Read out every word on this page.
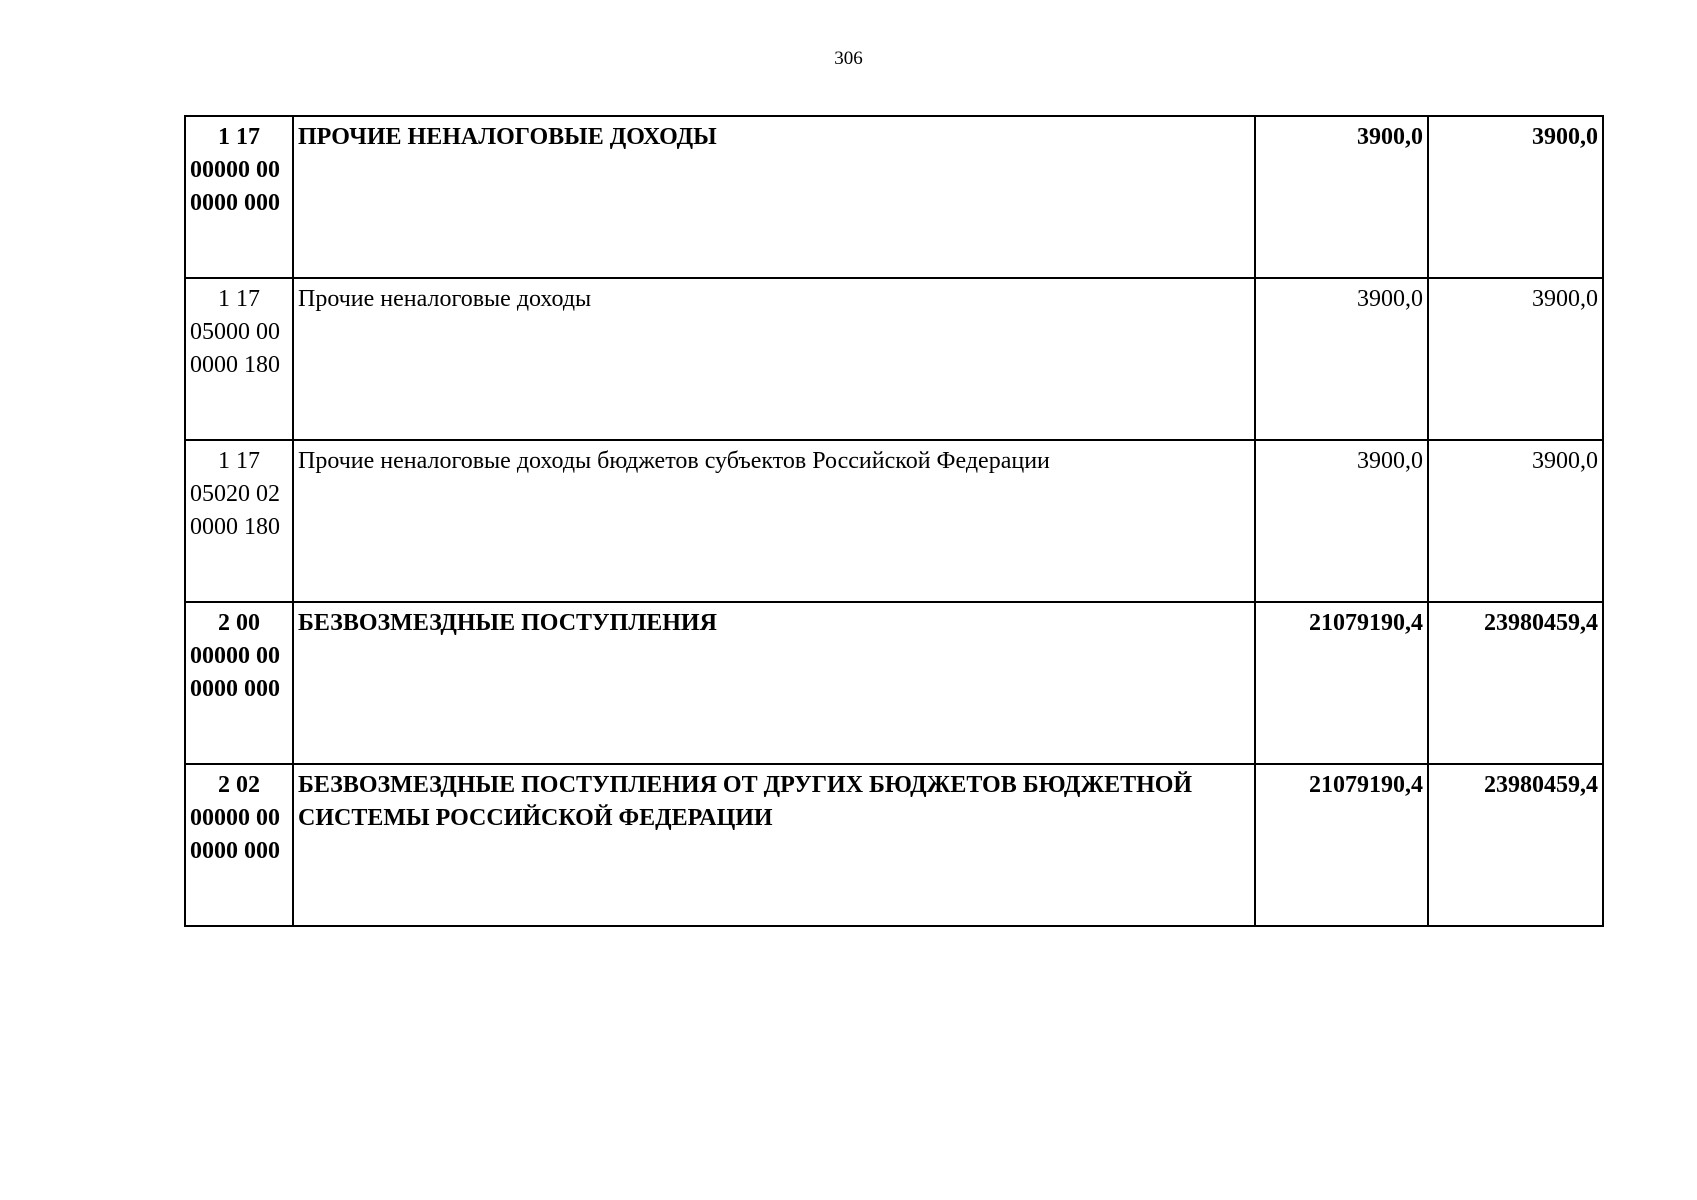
306
1 17
00000 00
0000 000	ПРОЧИЕ НЕНАЛОГОВЫЕ ДОХОДЫ	3900,0	3900,0

1 17
05000 00
0000 180	Прочие неналоговые доходы	3900,0	3900,0

1 17
05020 02
0000 180	Прочие неналоговые доходы бюджетов субъектов Российской Федерации	3900,0	3900,0

2 00
00000 00
0000 000	БЕЗВОЗМЕЗДНЫЕ ПОСТУПЛЕНИЯ	21079190,4	23980459,4

2 02
00000 00
0000 000	БЕЗВОЗМЕЗДНЫЕ ПОСТУПЛЕНИЯ ОТ ДРУГИХ БЮДЖЕТОВ БЮДЖЕТНОЙ СИСТЕМЫ РОССИЙСКОЙ ФЕДЕРАЦИИ	21079190,4	23980459,4
